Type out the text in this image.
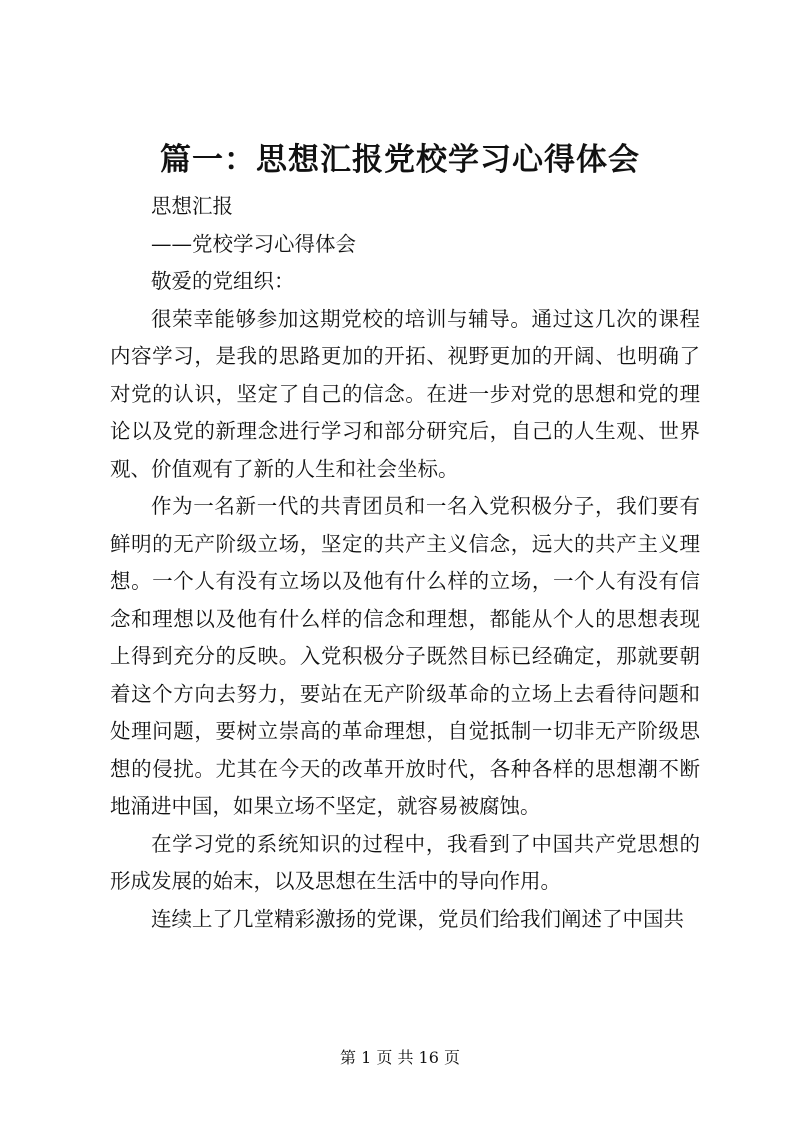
篇一：思想汇报党校学习心得体会

思想汇报

——党校学习心得体会

敬爱的党组织：

很荣幸能够参加这期党校的培训与辅导。通过这几次的课程内容学习，是我的思路更加的开拓、视野更加的开阔、也明确了对党的认识，坚定了自己的信念。在进一步对党的思想和党的理论以及党的新理念进行学习和部分研究后，自己的人生观、世界观、价值观有了新的人生和社会坐标。

作为一名新一代的共青团员和一名入党积极分子，我们要有鲜明的无产阶级立场，坚定的共产主义信念，远大的共产主义理想。一个人有没有立场以及他有什么样的立场，一个人有没有信念和理想以及他有什么样的信念和理想，都能从个人的思想表现上得到充分的反映。入党积极分子既然目标已经确定，那就要朝着这个方向去努力，要站在无产阶级革命的立场上去看待问题和处理问题，要树立崇高的革命理想，自觉抵制一切非无产阶级思想的侵扰。尤其在今天的改革开放时代，各种各样的思想潮不断地涌进中国，如果立场不坚定，就容易被腐蚀。

在学习党的系统知识的过程中，我看到了中国共产党思想的形成发展的始末，以及思想在生活中的导向作用。

连续上了几堂精彩激扬的党课，党员们给我们阐述了中国共

第 1 页 共 16 页
